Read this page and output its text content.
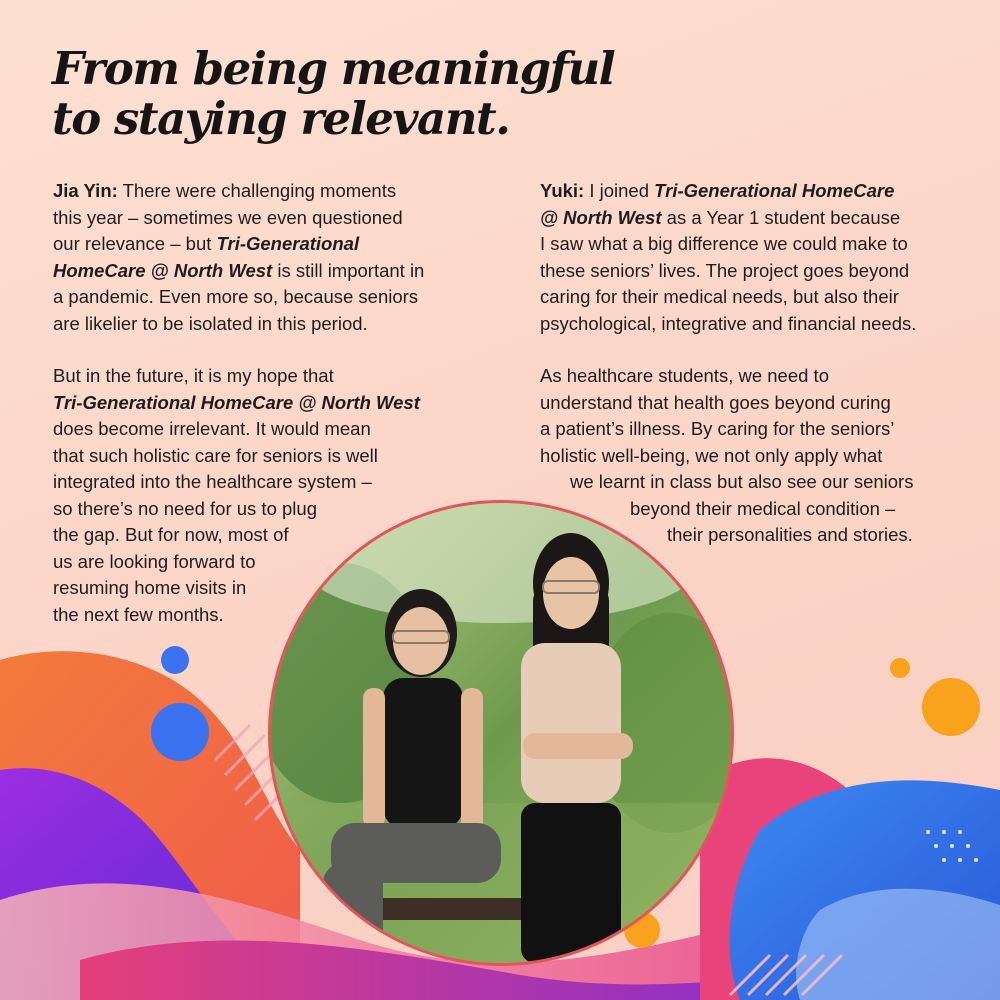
From being meaningful
to staying relevant.
Jia Yin: There were challenging moments
this year – sometimes we even questioned
our relevance – but Tri-Generational
HomeCare @ North West is still important in
a pandemic. Even more so, because seniors
are likelier to be isolated in this period.
But in the future, it is my hope that
Tri-Generational HomeCare @ North West
does become irrelevant. It would mean
that such holistic care for seniors is well
integrated into the healthcare system –
so there’s no need for us to plug
the gap. But for now, most of
us are looking forward to
resuming home visits in
the next few months.
Yuki: I joined Tri-Generational HomeCare
@ North West as a Year 1 student because
I saw what a big difference we could make to
these seniors’ lives. The project goes beyond
caring for their medical needs, but also their
psychological, integrative and financial needs.
As healthcare students, we need to
understand that health goes beyond curing
a patient’s illness. By caring for the seniors’
holistic well-being, we not only apply what
we learnt in class but also see our seniors
beyond their medical condition –
their personalities and stories.
